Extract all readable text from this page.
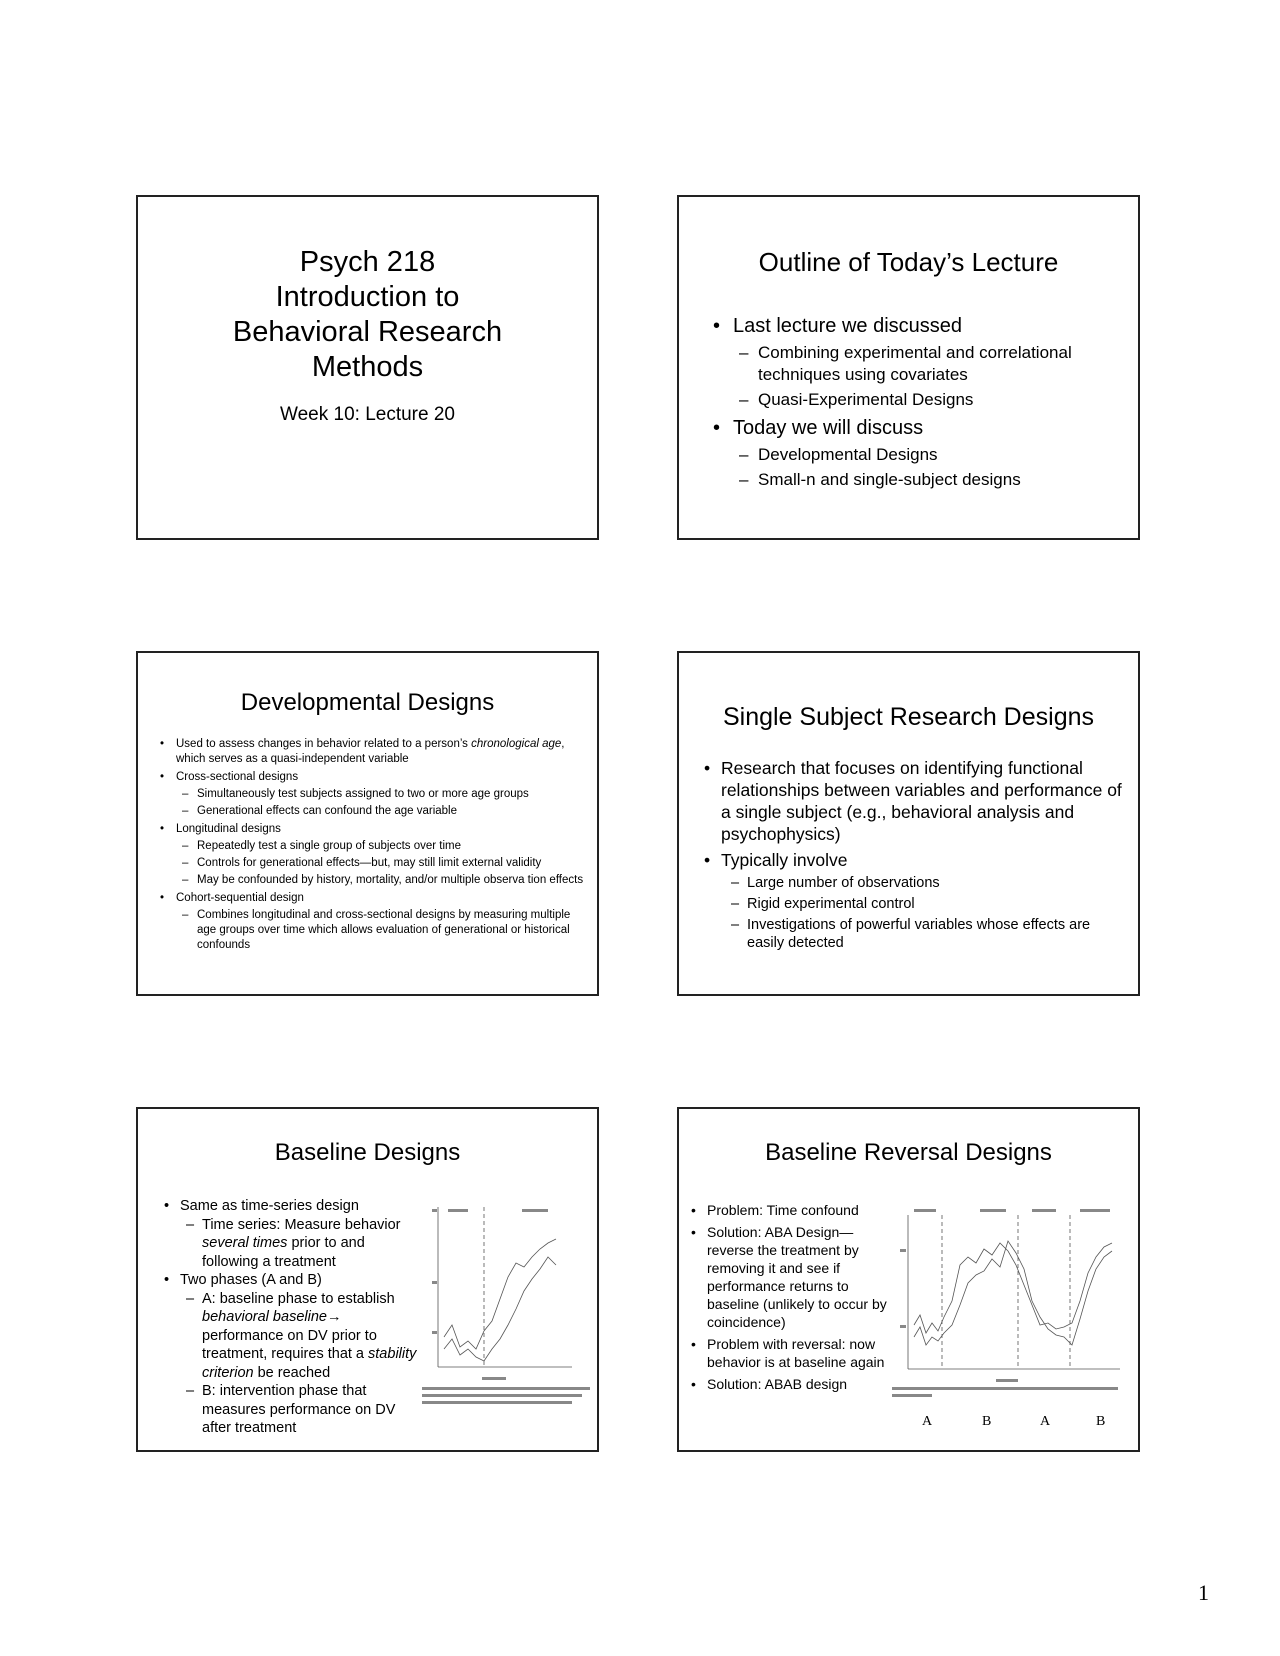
Psych 218
Introduction to
Behavioral Research
Methods
Week 10: Lecture 20
Outline of Today’s Lecture
• Last lecture we discussed
– Combining experimental and correlational techniques using covariates
– Quasi-Experimental Designs
• Today we will discuss
– Developmental Designs
– Small-n and single-subject designs
Developmental Designs
• Used to assess changes in behavior related to a person’s chronological age, which serves as a quasi-independent variable
• Cross-sectional designs
– Simultaneously test subjects assigned to two or more age groups
– Generational effects can confound the age variable
• Longitudinal designs
– Repeatedly test a single group of subjects over time
– Controls for generational effects—but, may still limit external validity
– May be confounded by history, mortality, and/or multiple observa tion effects
• Cohort-sequential design
– Combines longitudinal and cross-sectional designs by measuring multiple age groups over time which allows evaluation of generational or historical confounds
Single Subject Research Designs
• Research that focuses on identifying functional relationships between variables and performance of a single subject (e.g., behavioral analysis and psychophysics)
• Typically involve
– Large number of observations
– Rigid experimental control
– Investigations of powerful variables whose effects are easily detected
Baseline Designs
• Same as time-series design
– Time series: Measure behavior several times prior to and following a treatment
• Two phases (A and B)
– A: baseline phase to establish behavioral baseline→ performance on DV prior to treatment, requires that a stability criterion be reached
– B: intervention phase that measures performance on DV after treatment
Baseline Reversal Designs
• Problem: Time confound
• Solution: ABA Design—reverse the treatment by removing it and see if performance returns to baseline (unlikely to occur by coincidence)
• Problem with reversal: now behavior is at baseline again
• Solution: ABAB design
A	B	A	B
1
